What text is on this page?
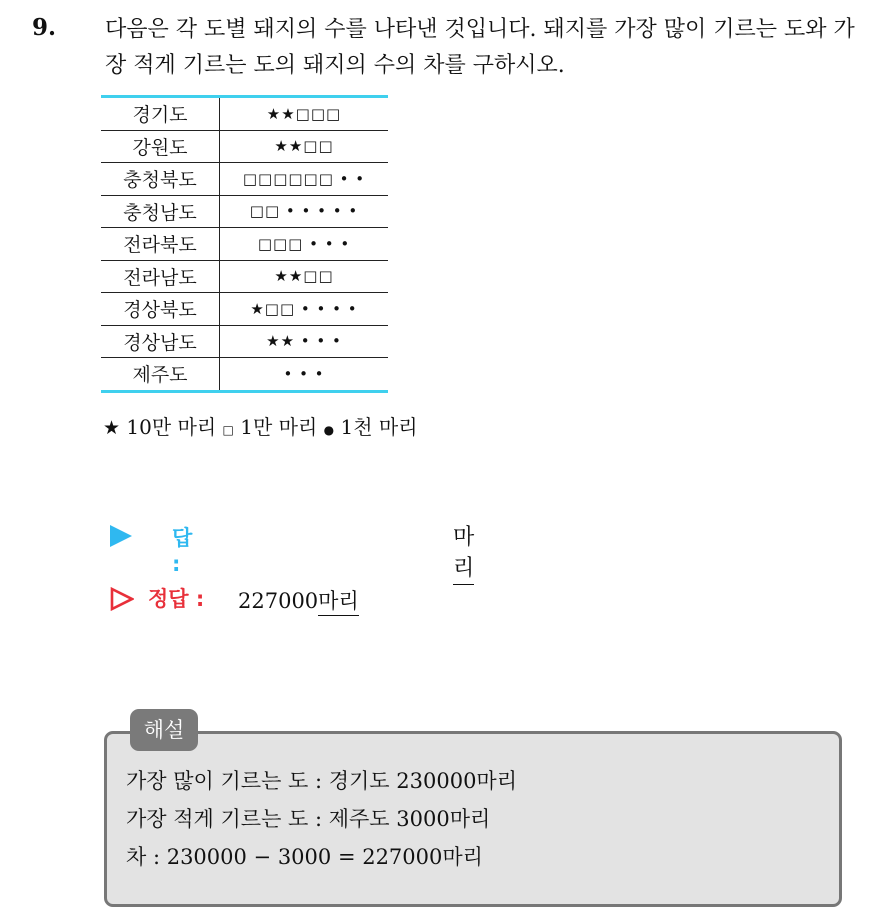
9. 다음은 각 도별 돼지의 수를 나타낸 것입니다. 돼지를 가장 많이 기르는 도와 가장 적게 기르는 도의 돼지의 수의 차를 구하시오.
경기도	★★□□□
강원도	★★□□
충청북도	□□□□□□ • •
충청남도	□□ • • • • •
전라북도	□□□ • • •
전라남도	★★□□
경상북도	★□□ • • • •
경상남도	★★ • • •
제주도	• • •
★ 10만 마리 □ 1만 마리 ● 1천 마리
답 :
마리
정답 : 227000마리
해설
가장 많이 기르는 도 : 경기도 230000마리
가장 적게 기르는 도 : 제주도 3000마리
차 : 230000 − 3000 = 227000마리
